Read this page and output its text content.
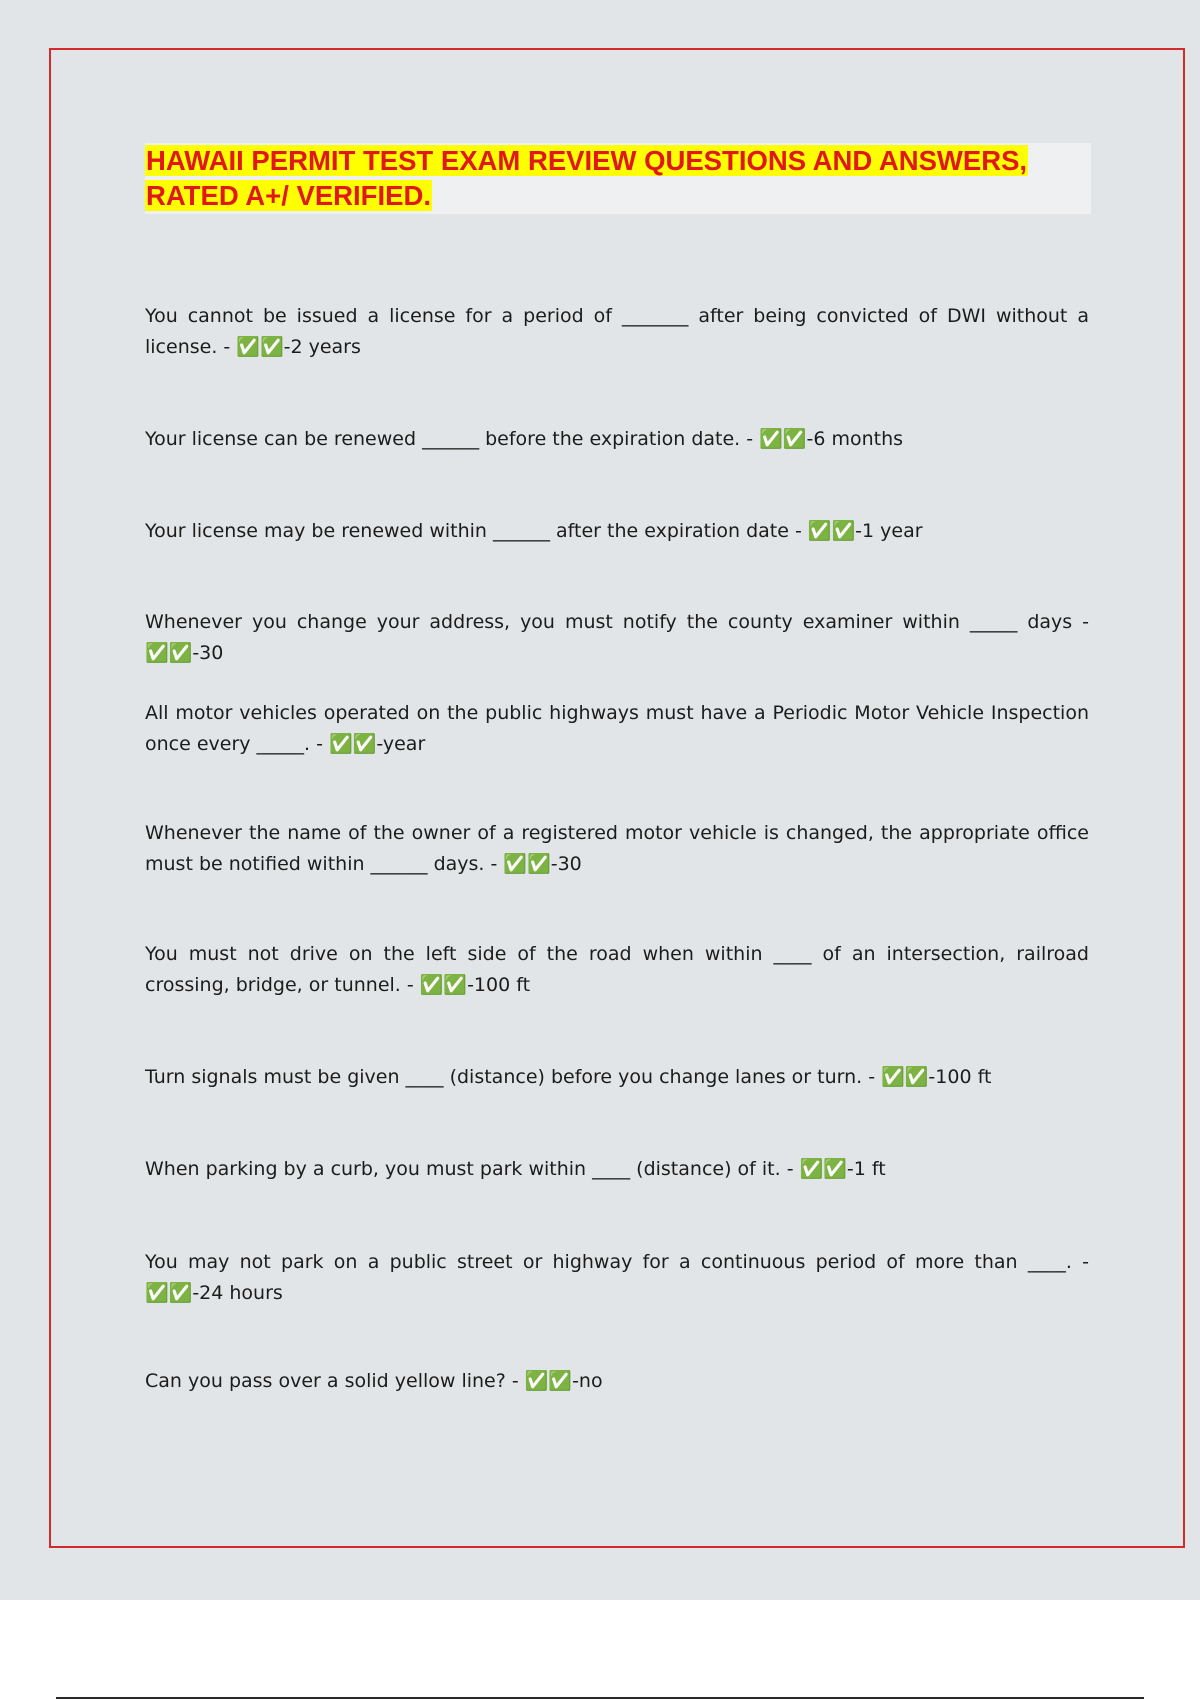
HAWAII PERMIT TEST EXAM REVIEW QUESTIONS AND ANSWERS, RATED A+/ VERIFIED.

You cannot be issued a license for a period of _______ after being convicted of DWI without a license. - ✅✅-2 years

Your license can be renewed ______ before the expiration date. - ✅✅-6 months

Your license may be renewed within ______ after the expiration date - ✅✅-1 year

Whenever you change your address, you must notify the county examiner within _____ days - ✅✅-30

All motor vehicles operated on the public highways must have a Periodic Motor Vehicle Inspection once every _____. - ✅✅-year

Whenever the name of the owner of a registered motor vehicle is changed, the appropriate office must be notified within ______ days. - ✅✅-30

You must not drive on the left side of the road when within ____ of an intersection, railroad crossing, bridge, or tunnel. - ✅✅-100 ft

Turn signals must be given ____ (distance) before you change lanes or turn. - ✅✅-100 ft

When parking by a curb, you must park within ____ (distance) of it. - ✅✅-1 ft

You may not park on a public street or highway for a continuous period of more than ____. - ✅✅-24 hours

Can you pass over a solid yellow line? - ✅✅-no
